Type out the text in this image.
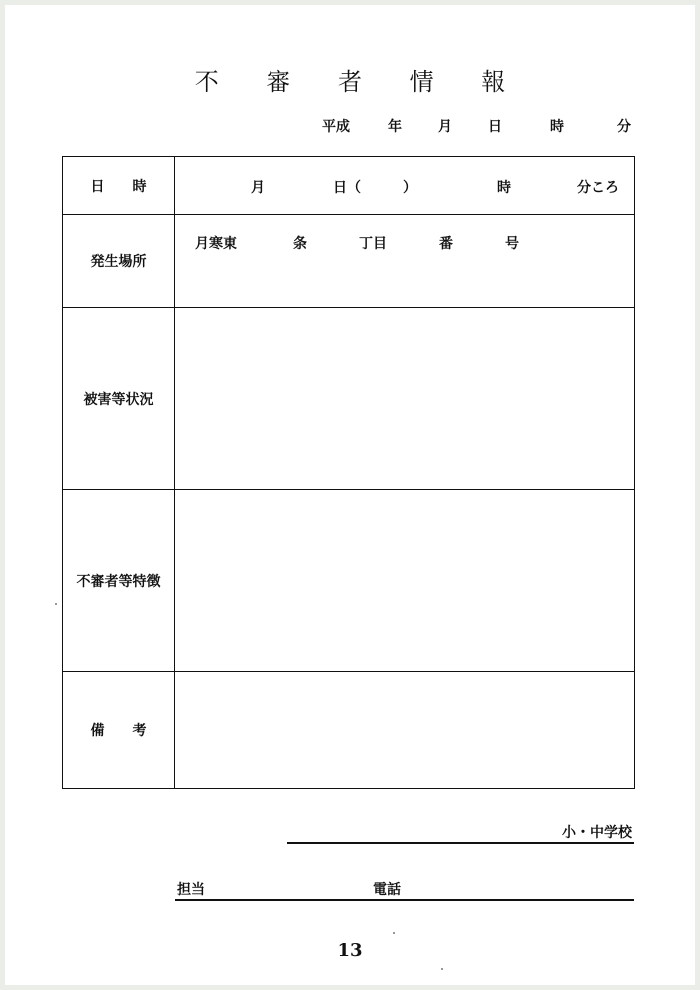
不 審 者 情 報
平成	年	月	日	時	分
日　　時	月 日（　　　） 時 分ころ

発生場所	月寒東 条 丁目 番 号

被害等状況	
不審者等特徴	
備　　考	
小・中学校
担当	電話
13
